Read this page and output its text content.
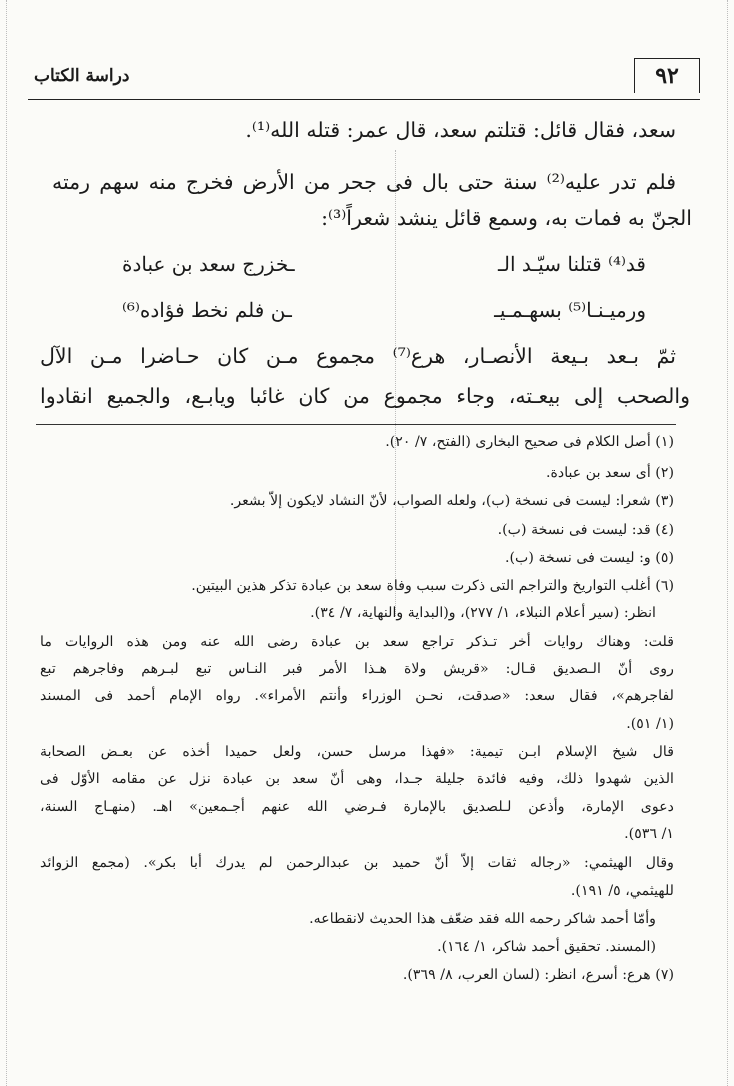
٩٢
دراسة الكتاب
سعد، فقال قائل: قتلتم سعد، قال عمر: قتله الله⁽¹⁾.
فلم تدر عليه⁽²⁾ سنة حتى بال فى جحر من الأرض فخرج منه سهم رمته
الجنّ به فمات به، وسمع قائل ينشد شعراً⁽³⁾:
ثمّ بـعد بـيعة الأنصـار، هرع⁽⁷⁾ مجموع مـن كان حـاضرا مـن الآل
والصحب إلى بيعـته، وجاء مجموع من كان غائبا ويابـع، والجميع انقادوا
قد⁽⁴⁾ قتلنا سيّـد الـ
ـخزرج سعد بن عبادة
ورميـنـا⁽⁵⁾ بسهـمـيـ
ـن فلم نخط فؤاده⁽⁶⁾
(١) أصل الكلام فى صحيح البخارى (الفتح، ٧/ ٢٠).
(٢) أى سعد بن عبادة.
(٣) شعرا: ليست فى نسخة (ب)، ولعله الصواب، لأنّ النشاد لايكون إلاّ بشعر.
(٤) قد: ليست فى نسخة (ب).
(٥) و: ليست فى نسخة (ب).
(٦) أغلب التواريخ والتراجم التى ذكرت سبب وفاة سعد بن عبادة تذكر هذين البيتين.
انظر: (سير أعلام النبلاء، ١/ ٢٧٧)، و(البداية والنهاية، ٧/ ٣٤).
قلت: وهناك روايات أخر تـذكر تراجع سعد بن عبادة رضى الله عنه ومن هذه الروايات ما
روى أنّ الـصديق قـال: «قريش ولاة هـذا الأمر فبر النـاس تبع لبـرهم وفاجرهم تبع
لفاجرهم»، فقال سعد: «صدقت، نحـن الوزراء وأنتم الأمراء». رواه الإمام أحمد فى المسند
(١/ ٥١).
قال شيخ الإسلام ابـن تيمية: «فهذا مرسل حسن، ولعل حميدا أخذه عن بعـض الصحابة
الذين شهدوا ذلك، وفيه فائدة جليلة جـدا، وهى أنّ سعد بن عبادة نزل عن مقامه الأوّل فى
دعوى الإمارة، وأذعن لـلصديق بالإمارة فـرضي الله عنهم أجـمعين» اهـ. (منهـاج السنة،
١/ ٥٣٦).
وقال الهيثمي: «رجاله ثقات إلاّ أنّ حميد بن عبدالرحمن لم يدرك أبا بكر». (مجمع الزوائد
للهيثمي، ٥/ ١٩١).
وأمّا أحمد شاكر رحمه الله فقد ضعّف هذا الحديث لانقطاعه.
(المسند. تحقيق أحمد شاكر، ١/ ١٦٤).
(٧) هرع: أسرع، انظر: (لسان العرب، ٨/ ٣٦٩).
